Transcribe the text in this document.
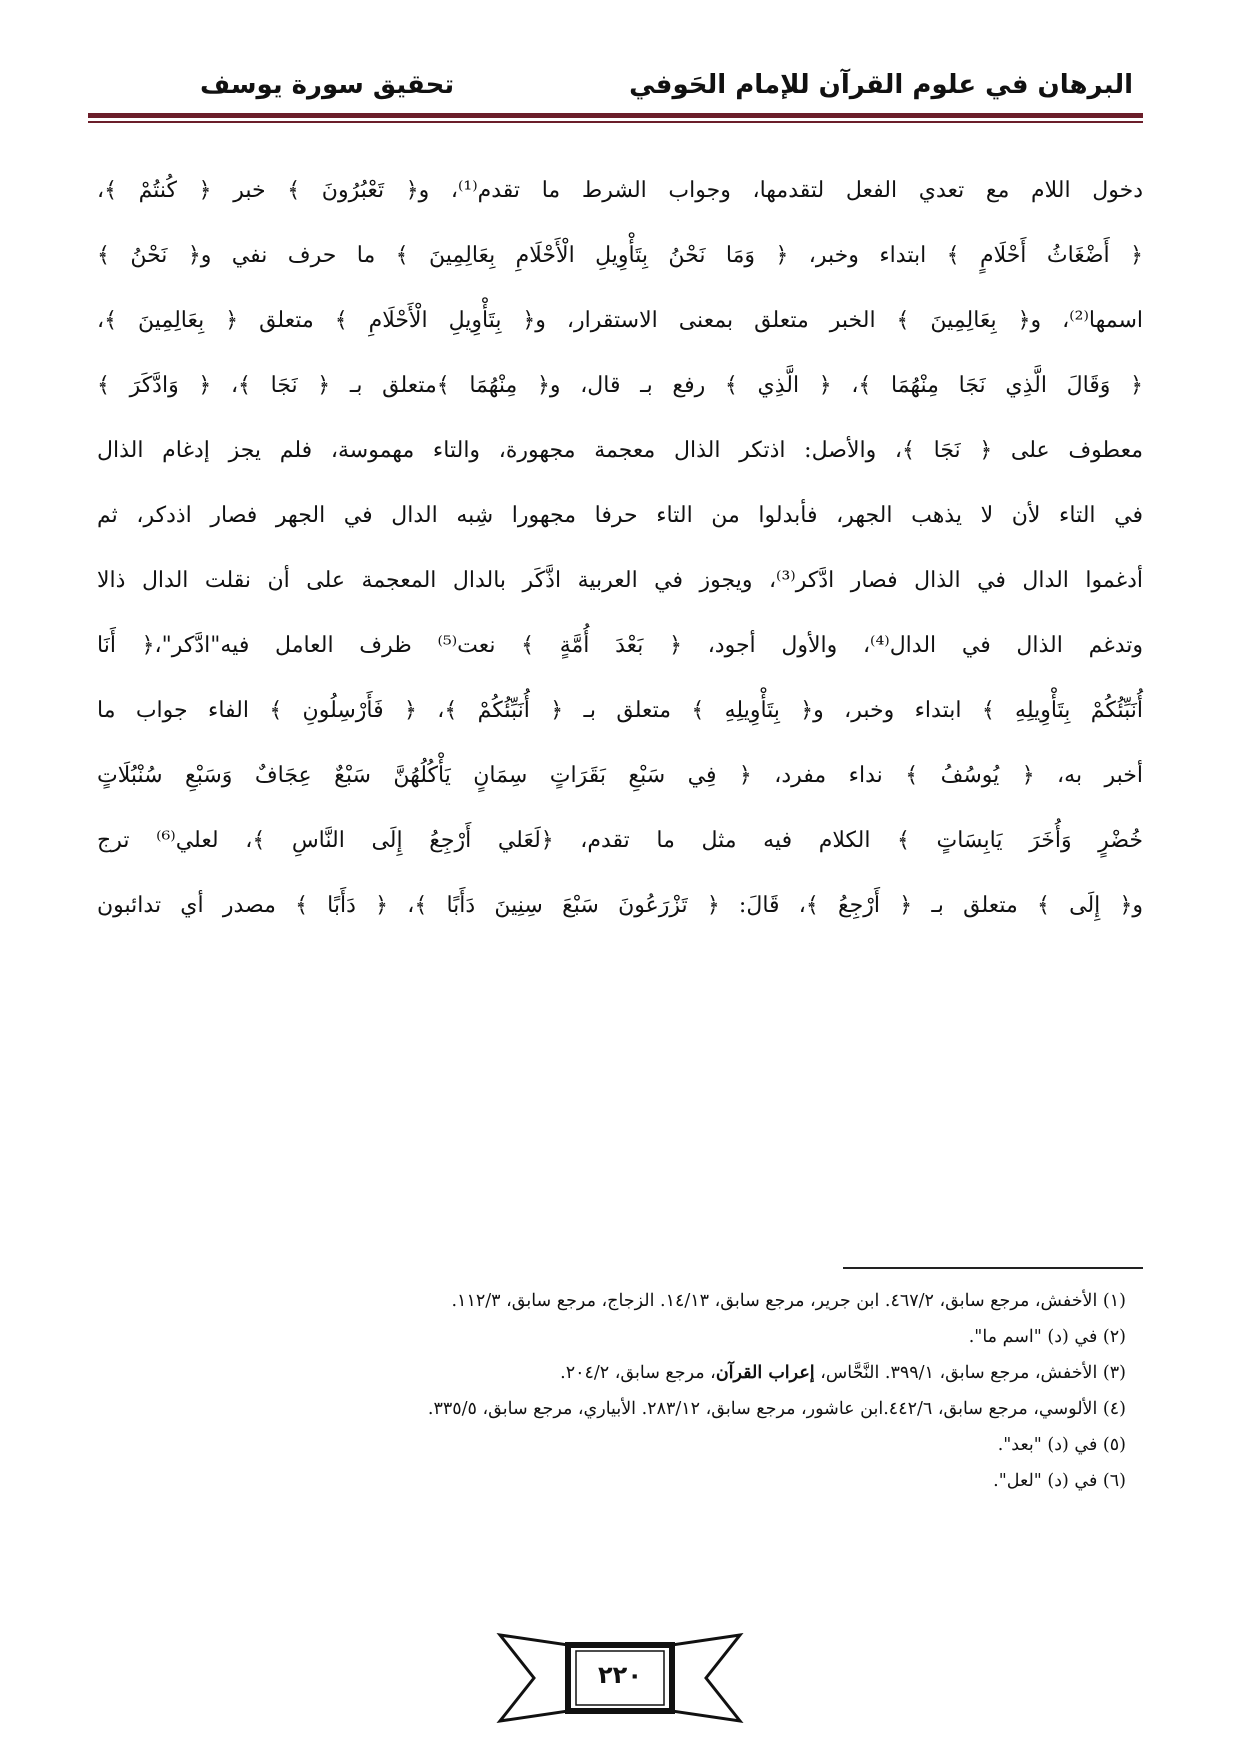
البرهان في علوم القرآن للإمام الحَوفي
تحقيق سورة يوسف
دخول اللام مع تعدي الفعل لتقدمها، وجواب الشرط ما تقدم⁽¹⁾، و﴿ تَعْبُرُونَ ﴾ خبر ﴿ كُنتُمْ ﴾،
﴿ أَضْغَاثُ أَحْلَامٍ ﴾ ابتداء وخبر، ﴿ وَمَا نَحْنُ بِتَأْوِيلِ الْأَحْلَامِ بِعَالِمِينَ ﴾ ما حرف نفي و﴿ نَحْنُ ﴾
اسمها⁽²⁾، و﴿ بِعَالِمِينَ ﴾ الخبر متعلق بمعنى الاستقرار، و﴿ بِتَأْوِيلِ الْأَحْلَامِ ﴾ متعلق ﴿ بِعَالِمِينَ ﴾،
﴿ وَقَالَ الَّذِي نَجَا مِنْهُمَا ﴾، ﴿ الَّذِي ﴾ رفع بـ قال، و﴿ مِنْهُمَا ﴾متعلق بـ ﴿ نَجَا ﴾، ﴿ وَادَّكَرَ ﴾
معطوف على ﴿ نَجَا ﴾، والأصل: اذتكر الذال معجمة مجهورة، والتاء مهموسة، فلم يجز إدغام الذال
في التاء لأن لا يذهب الجهر، فأبدلوا من التاء حرفا مجهورا شِبه الدال في الجهر فصار اذدكر، ثم
أدغموا الدال في الذال فصار ادَّكر⁽³⁾، ويجوز في العربية اذَّكَر بالدال المعجمة على أن نقلت الدال ذالا
وتدغم الذال في الدال⁽⁴⁾، والأول أجود، ﴿ بَعْدَ أُمَّةٍ ﴾ نعت⁽⁵⁾ ظرف العامل فيه"ادَّكر"،﴿ أَنَا
أُنَبِّئُكُمْ بِتَأْوِيلِهِ ﴾ ابتداء وخبر، و﴿ بِتَأْوِيلِهِ ﴾ متعلق بـ ﴿ أُنَبِّئُكُمْ ﴾، ﴿ فَأَرْسِلُونِ ﴾ الفاء جواب ما
أخبر به، ﴿ يُوسُفُ ﴾ نداء مفرد، ﴿ فِي سَبْعِ بَقَرَاتٍ سِمَانٍ يَأْكُلُهُنَّ سَبْعٌ عِجَافٌ وَسَبْعِ سُنْبُلَاتٍ
خُضْرٍ وَأُخَرَ يَابِسَاتٍ ﴾ الكلام فيه مثل ما تقدم، ﴿لَعَلي أَرْجِعُ إِلَى النَّاسِ ﴾، لعلي⁽⁶⁾ ترج
و﴿ إِلَى ﴾ متعلق بـ ﴿ أَرْجِعُ ﴾، قَالَ: ﴿ تَزْرَعُونَ سَبْعَ سِنِينَ دَأَبًا ﴾، ﴿ دَأَبًا ﴾ مصدر أي تدائبون
(١) الأخفش، مرجع سابق، ٤٦٧/٢. ابن جرير، مرجع سابق، ١٤/١٣. الزجاج، مرجع سابق، ١١٢/٣.
(٢) في (د) "اسم ما".
(٣) الأخفش، مرجع سابق، ٣٩٩/١. النَّحَّاس، إعراب القرآن، مرجع سابق، ٢٠٤/٢.
(٤) الألوسي، مرجع سابق، ٤٤٢/٦.ابن عاشور، مرجع سابق، ٢٨٣/١٢. الأبياري، مرجع سابق، ٣٣٥/٥.
(٥) في (د) "بعد".
(٦) في (د) "لعل".
٢٢٠
